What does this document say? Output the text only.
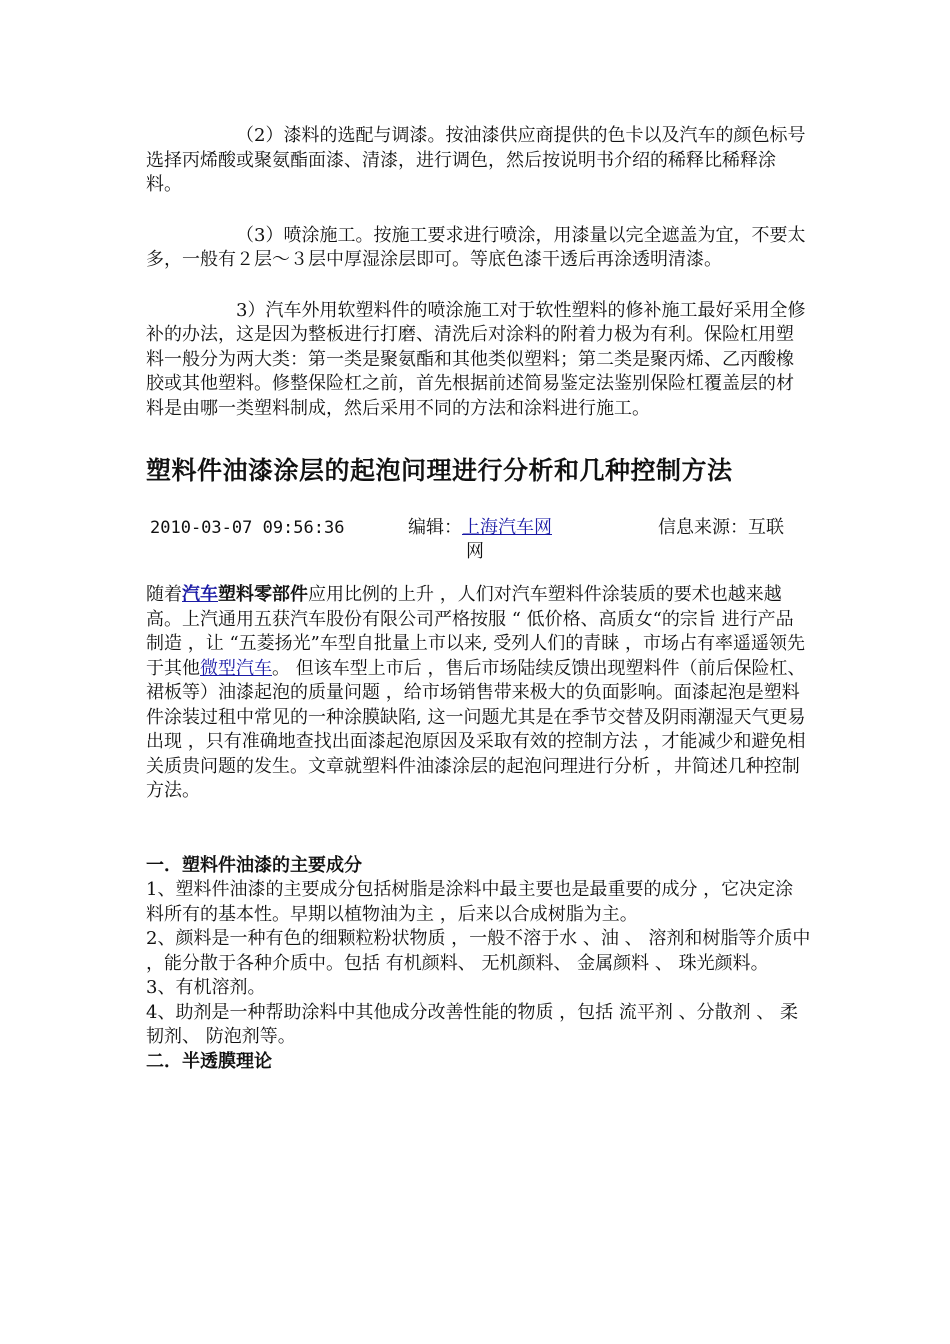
（2）漆料的选配与调漆。按油漆供应商提供的色卡以及汽车的颜色标号选择丙烯酸或聚氨酯面漆、清漆，进行调色，然后按说明书介绍的稀释比稀释涂料。

（3）喷涂施工。按施工要求进行喷涂，用漆量以完全遮盖为宜，不要太多，一般有２层～３层中厚湿涂层即可。等底色漆干透后再涂透明清漆。

3）汽车外用软塑料件的喷涂施工对于软性塑料的修补施工最好采用全修补的办法，这是因为整板进行打磨、清洗后对涂料的附着力极为有利。保险杠用塑料一般分为两大类：第一类是聚氨酯和其他类似塑料；第二类是聚丙烯、乙丙酸橡胶或其他塑料。修整保险杠之前，首先根据前述简易鉴定法鉴别保险杠覆盖层的材料是由哪一类塑料制成，然后采用不同的方法和涂料进行施工。

塑料件油漆涂层的起泡问理进行分析和几种控制方法
2010-03-07 09:56:36	编辑：上海汽车网	信息来源：互联
网

随着汽车塑料零部件应用比例的上升 ，人们对汽车塑料件涂装质的要术也越来越高。上汽通用五获汽车股份有限公司严格按服 “ 低价格、高质女“的宗旨 进行产品制造 ，让 “五菱扬光”车型自批量上市以来, 受列人们的青睐 ，市场占有率遥遥领先于其他微型汽车。 但该车型上市后 ，售后市场陆续反馈出现塑料件（前后保险杠、裙板等）油漆起泡的质量问题 ，给市场销售带来极大的负面影响。面漆起泡是塑料件涂装过租中常见的一种涂膜缺陷, 这一问题尤其是在季节交替及阴雨潮湿天气更易出现 ，只有准确地查找出面漆起泡原因及采取有效的控制方法 ，才能减少和避免相关质贵问题的发生。文章就塑料件油漆涂层的起泡问理进行分析 ，井简述几种控制方法。

一．塑料件油漆的主要成分

1、塑料件油漆的主要成分包括树脂是涂料中最主要也是最重要的成分 ，它决定涂料所有的基本性。早期以植物油为主 ，后来以合成树脂为主。

2、颜料是一种有色的细颗粒粉状物质 ，一般不溶于水 、油 、 溶剂和树脂等介质中 ，能分散于各种介质中。包括 有机颜料、 无机颜料、 金属颜料 、 珠光颜料。

3、有机溶剂。

4、助剂是一种帮助涂料中其他成分改善性能的物质 ，包括 流平剂 、分散剂 、 柔韧剂、 防泡剂等。

二．半透膜理论
